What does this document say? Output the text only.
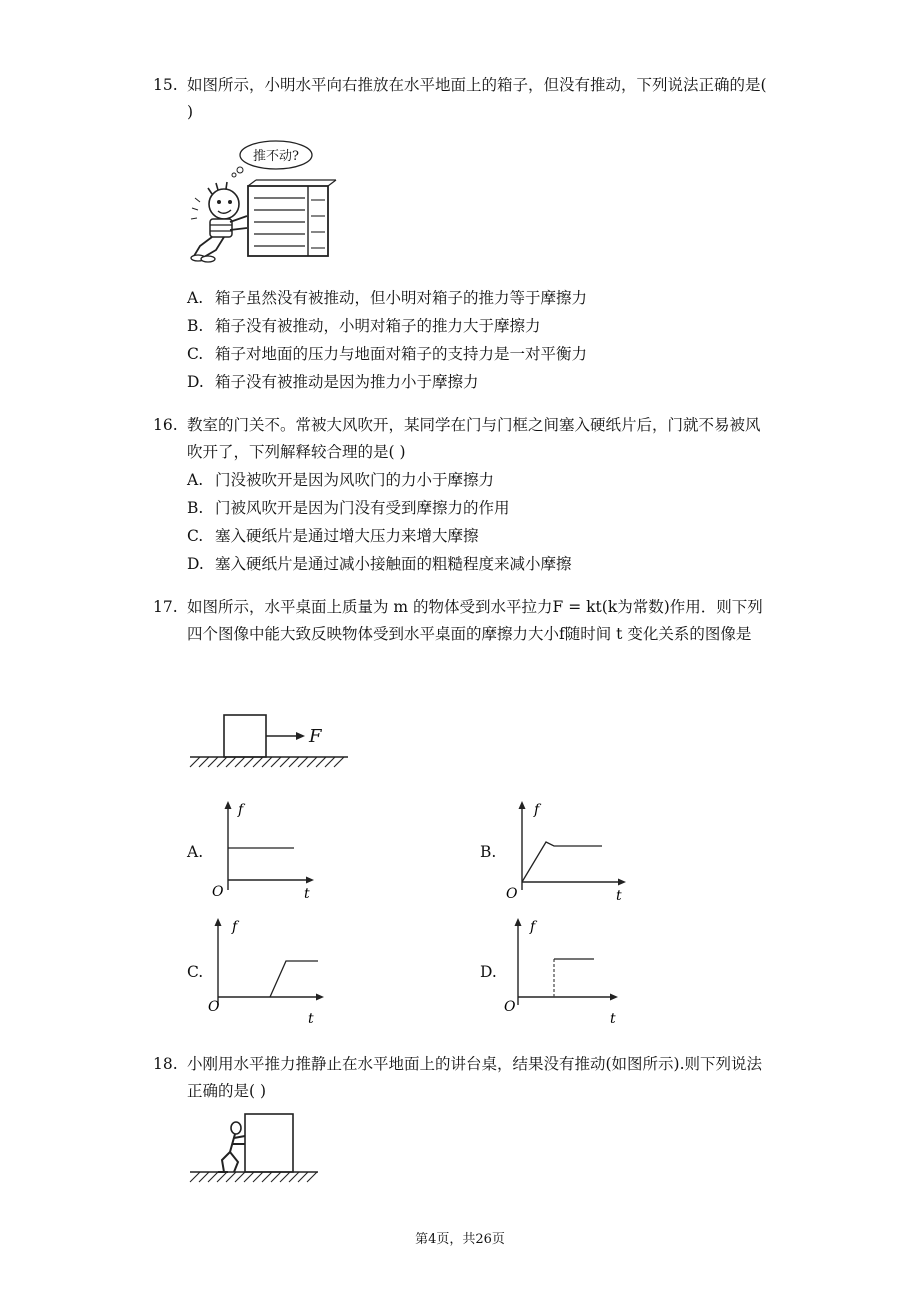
15. 如图所示，小明水平向右推放在水平地面上的箱子，但没有推动，下列说法正确的是( )
推不动?
A. 箱子虽然没有被推动，但小明对箱子的推力等于摩擦力
B. 箱子没有被推动，小明对箱子的推力大于摩擦力
C. 箱子对地面的压力与地面对箱子的支持力是一对平衡力
D. 箱子没有被推动是因为推力小于摩擦力
16. 教室的门关不。常被大风吹开，某同学在门与门框之间塞入硬纸片后，门就不易被风吹开了，下列解释较合理的是( )
A. 门没被吹开是因为风吹门的力小于摩擦力
B. 门被风吹开是因为门没有受到摩擦力的作用
C. 塞入硬纸片是通过增大压力来增大摩擦
D. 塞入硬纸片是通过减小接触面的粗糙程度来减小摩擦
17. 如图所示，水平桌面上质量为 m 的物体受到水平拉力F = kt(k为常数)作用．则下列四个图像中能大致反映物体受到水平桌面的摩擦力大小f随时间 t 变化关系的图像是
F
A.
f
t
O
B.
f
t
O
C.
f
t
O
D.
f
t
O
18. 小刚用水平推力推静止在水平地面上的讲台桌，结果没有推动(如图所示).则下列说法正确的是( )
第4页，共26页
